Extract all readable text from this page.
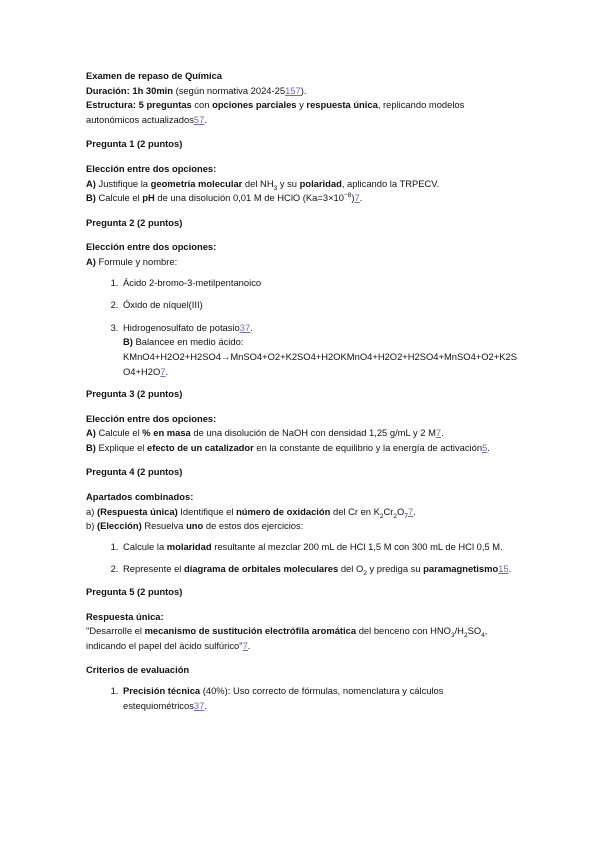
Examen de repaso de Química

Duración: 1h 30min (según normativa 2024-25157).

Estructura: 5 preguntas con opciones parciales y respuesta única, replicando modelos autonómicos actualizados57.

Pregunta 1 (2 puntos)

Elección entre dos opciones:

A) Justifique la geometría molecular del $NH_3$ y su polaridad, aplicando la TRPECV.

B) Calcule el pH de una disolución 0,01 M de HClO $(Ka=3\times 10^{-8})7$.

Pregunta 2 (2 puntos)

Elección entre dos opciones:

A) Formule y nombre:

1. Ácido 2-bromo-3-metilpentanoico
2. Óxido de níquel(III)
3. Hidrogenosulfato de potasio37.
B) Balancee en medio ácido:
KMnO4+H2O2+H2SO4→MnSO4+O2+K2SO4+H2OKMnO4+H2O2+H2SO4+MnSO4+O2+K2SO4+H2O7.

Pregunta 3 (2 puntos)

Elección entre dos opciones:

A) Calcule el % en masa de una disolución de NaOH con densidad 1,25 g/mL y 2 M7.

B) Explique el efecto de un catalizador en la constante de equilibrio y la energía de activación5.

Pregunta 4 (2 puntos)

Apartados combinados:

a) (Respuesta única) Identifique el número de oxidación del Cr en $K_2Cr_2O_77$.

b) (Elección) Resuelva uno de estos dos ejercicios:

1. Calcule la molaridad resultante al mezclar 200 mL de HCl 1,5 M con 300 mL de HCl 0,5 M.
2. Represente el diagrama de orbitales moleculares del $O_2$ y prediga su paramagnetismo15.

Pregunta 5 (2 puntos)

Respuesta única:

"Desarrolle el mecanismo de sustitución electrófila aromática del benceno con $HNO_3/H_2SO_4$, indicando el papel del ácido sulfúrico"7.

Criterios de evaluación

1. Precisión técnica (40%): Uso correcto de fórmulas, nomenclatura y cálculos estequiométricos37.
